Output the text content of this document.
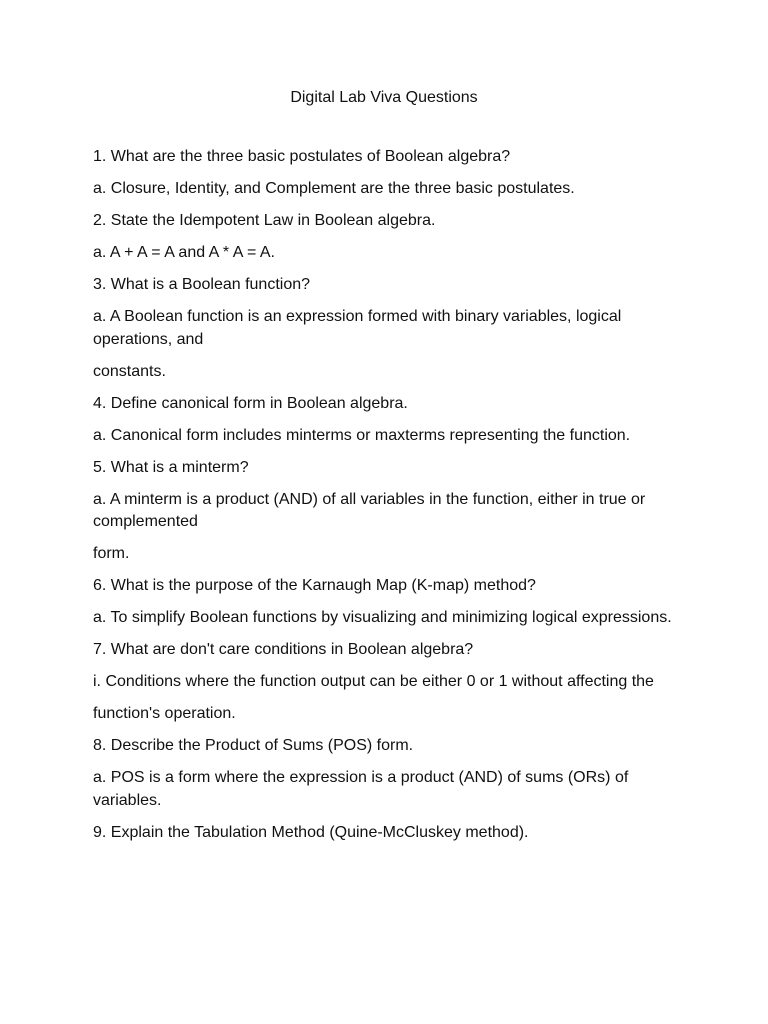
Digital Lab Viva Questions

1. What are the three basic postulates of Boolean algebra?

a. Closure, Identity, and Complement are the three basic postulates.

2. State the Idempotent Law in Boolean algebra.

a. A + A = A and A * A = A.

3. What is a Boolean function?

a. A Boolean function is an expression formed with binary variables, logical operations, and

constants.

4. Define canonical form in Boolean algebra.

a. Canonical form includes minterms or maxterms representing the function.

5. What is a minterm?

a. A minterm is a product (AND) of all variables in the function, either in true or complemented

form.

6. What is the purpose of the Karnaugh Map (K-map) method?

a. To simplify Boolean functions by visualizing and minimizing logical expressions.

7. What are don't care conditions in Boolean algebra?

i. Conditions where the function output can be either 0 or 1 without affecting the

function's operation.

8. Describe the Product of Sums (POS) form.

a. POS is a form where the expression is a product (AND) of sums (ORs) of variables.

9. Explain the Tabulation Method (Quine-McCluskey method).
